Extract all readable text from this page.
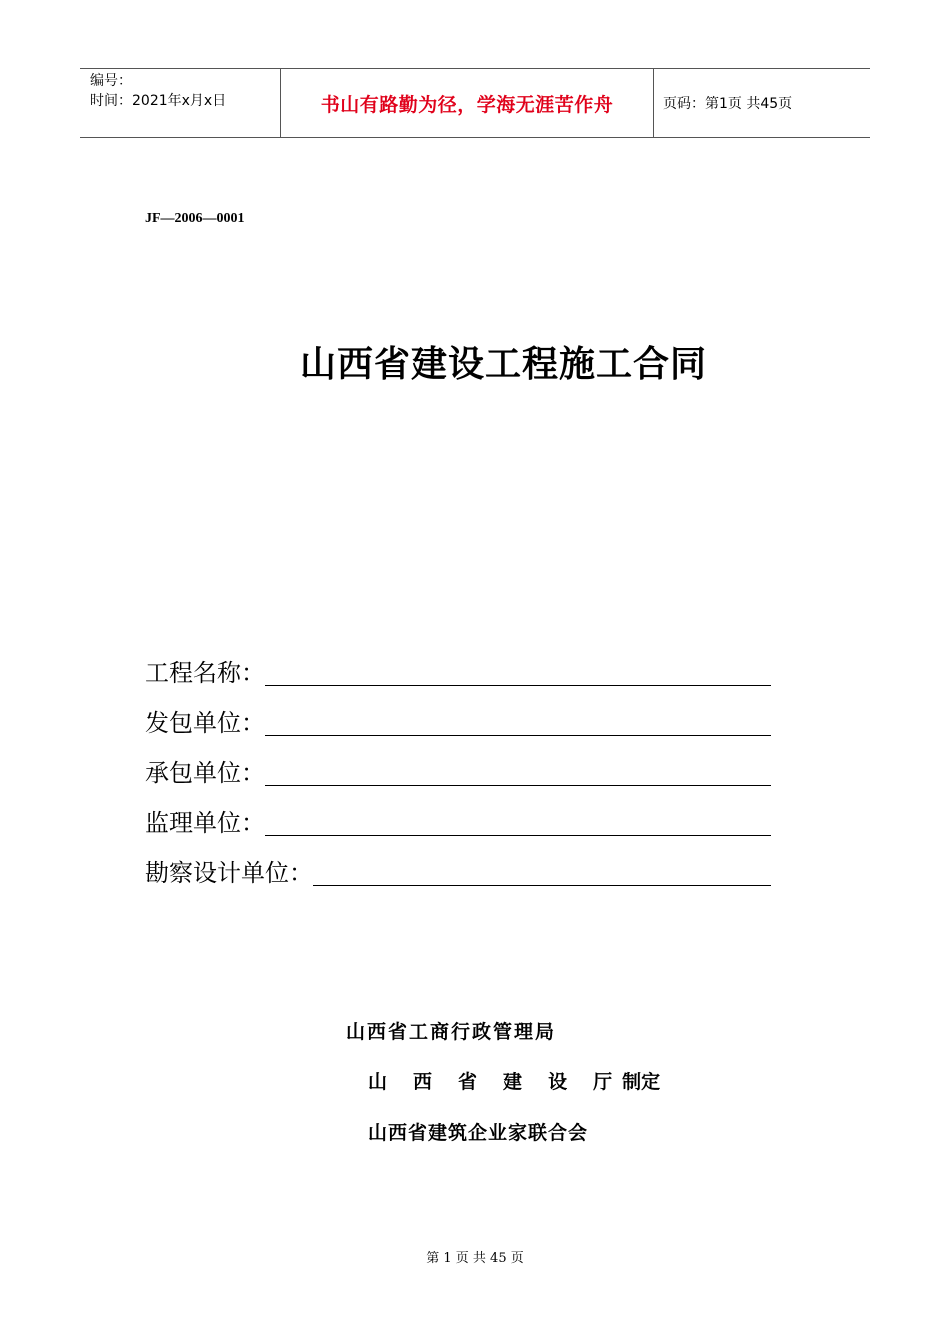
编号：
时间：2021年x月x日	书山有路勤为径，学海无涯苦作舟	页码：第1页 共45页
JF—2006—0001
山西省建设工程施工合同
工程名称：
发包单位：
承包单位：
监理单位：
勘察设计单位：
山西省工商行政管理局
山 西 省 建 设 厅 制定
山西省建筑企业家联合会
第 1 页 共 45 页
